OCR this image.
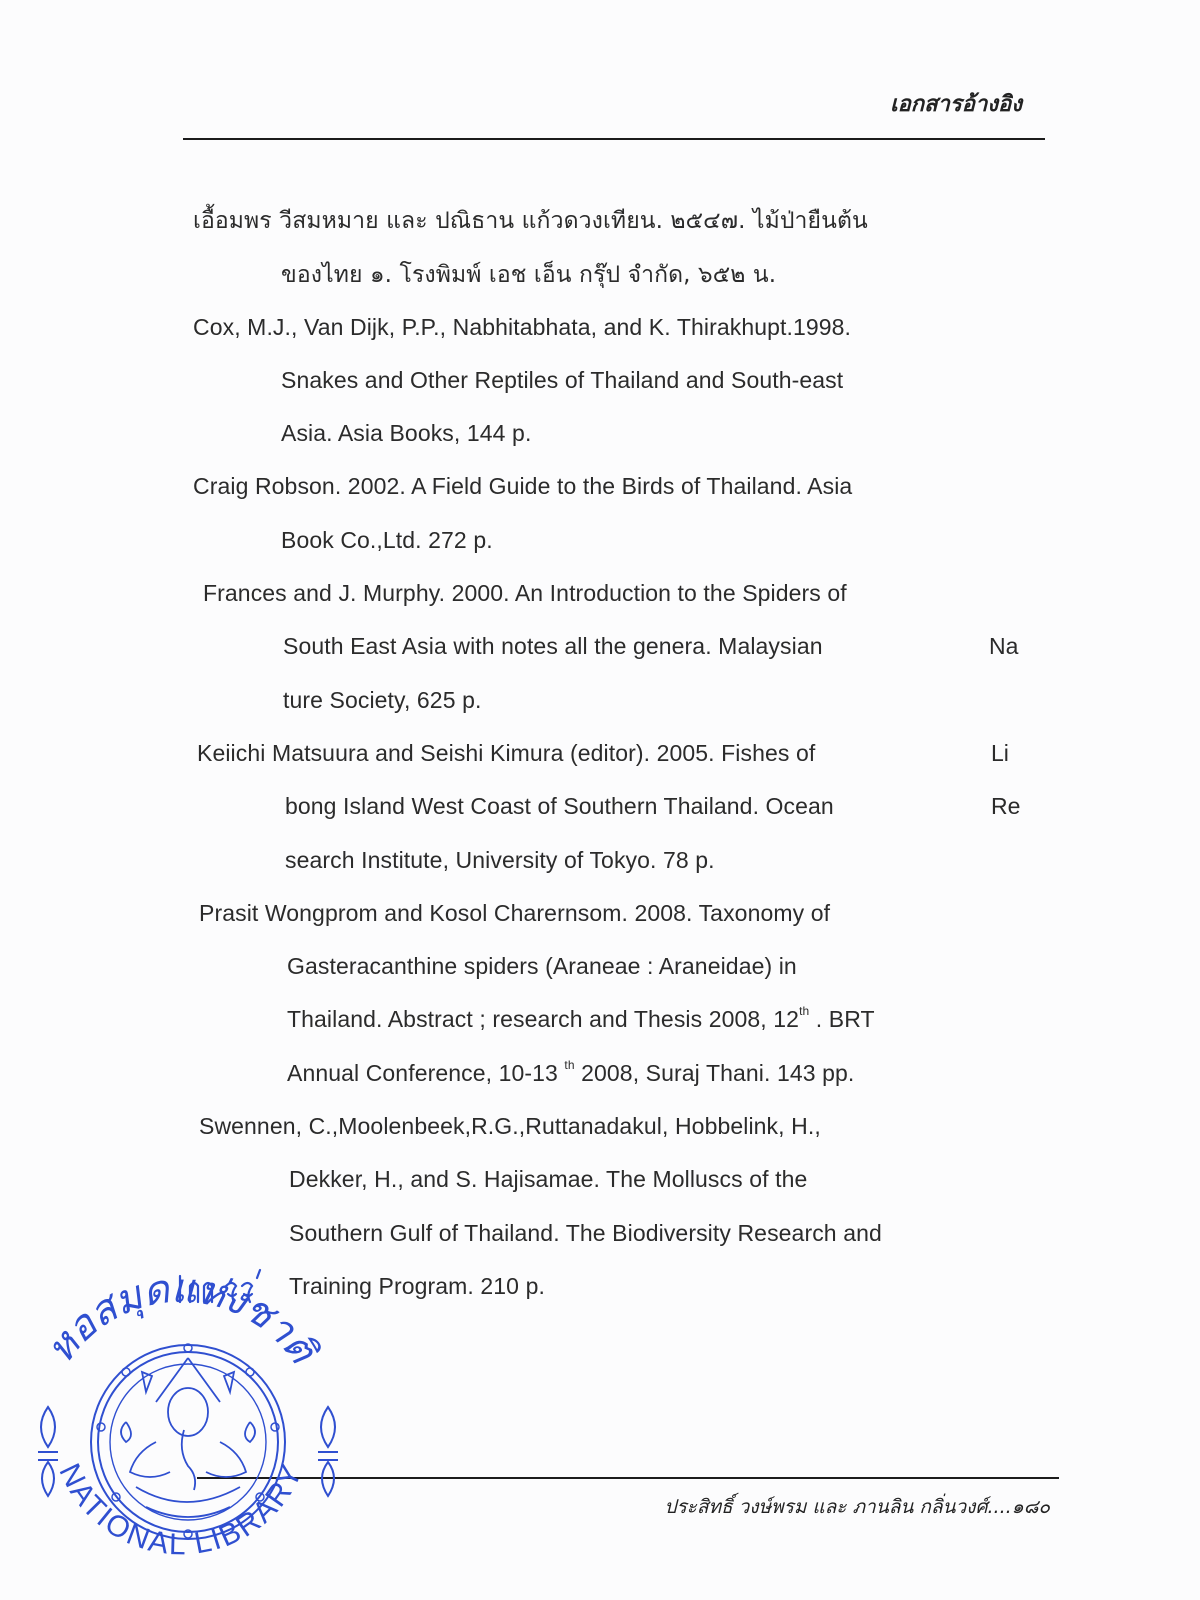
เอกสารอ้างอิง
เอื้อมพร วีสมหมาย และ ปณิธาน แก้วดวงเทียน. ๒๕๔๗. ไม้ป่ายืนต้น
ของไทย ๑. โรงพิมพ์ เอช เอ็น กรุ๊ป จำกัด, ๖๕๒ น.
Cox, M.J., Van Dijk, P.P., Nabhitabhata, and K. Thirakhupt.1998.
Snakes and Other Reptiles of Thailand and South-east
Asia. Asia Books, 144 p.
Craig Robson. 2002. A Field Guide to the Birds of Thailand. Asia
Book Co.,Ltd. 272 p.
Frances and J. Murphy. 2000. An Introduction to the Spiders of
South East Asia with notes all the genera. Malaysian	Na
ture Society, 625 p.
Keiichi Matsuura and Seishi Kimura (editor). 2005. Fishes of	Li
bong Island West Coast of Southern Thailand. Ocean	Re
search Institute, University of Tokyo. 78 p.
Prasit Wongprom and Kosol Charernsom. 2008. Taxonomy of
Gasteracanthine spiders (Araneae : Araneidae) in
Thailand. Abstract ; research and Thesis 2008, 12th . BRT
Annual Conference, 10-13 $^{th}$ 2008, Suraj Thani. 143 pp.
Swennen, C.,Moolenbeek,R.G.,Ruttanadakul, Hobbelink, H.,
Dekker, H., and S. Hajisamae. The Molluscs of the
Southern Gulf of Thailand. The Biodiversity Research and
Training Program. 210 p.
ประสิทธิ์ วงษ์พรม และ ภานลิน กลิ่นวงศ์....๑๘๐
หอสมุดแห่งชาติ
NATIONAL LIBRARY
